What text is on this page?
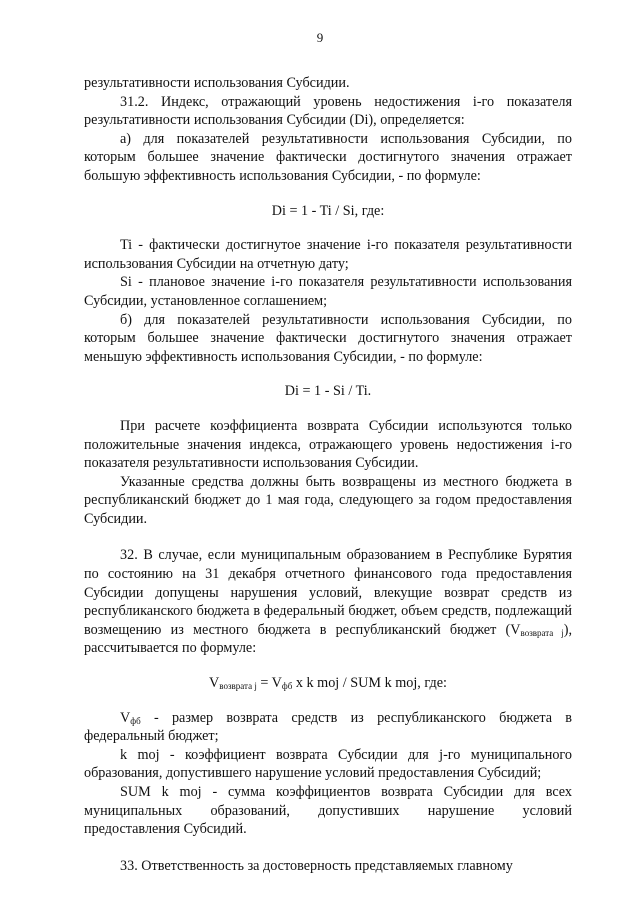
9

результативности использования Субсидии.

31.2. Индекс, отражающий уровень недостижения i-го показателя результативности использования Субсидии (Di), определяется:

а) для показателей результативности использования Субсидии, по которым большее значение фактически достигнутого значения отражает большую эффективность использования Субсидии, - по формуле:

Di = 1 - Ti / Si, где:

Ti - фактически достигнутое значение i-го показателя результативности использования Субсидии на отчетную дату;

Si - плановое значение i-го показателя результативности использования Субсидии, установленное соглашением;

б) для показателей результативности использования Субсидии, по которым большее значение фактически достигнутого значения отражает меньшую эффективность использования Субсидии, - по формуле:

Di = 1 - Si / Ti.

При расчете коэффициента возврата Субсидии используются только положительные значения индекса, отражающего уровень недостижения i-го показателя результативности использования Субсидии.

Указанные средства должны быть возвращены из местного бюджета в республиканский бюджет до 1 мая года, следующего за годом предоставления Субсидии.

32. В случае, если муниципальным образованием в Республике Бурятия по состоянию на 31 декабря отчетного финансового года предоставления Субсидии допущены нарушения условий, влекущие возврат средств из республиканского бюджета в федеральный бюджет, объем средств, подлежащий возмещению из местного бюджета в республиканский бюджет $(V_{возврата j})$, рассчитывается по формуле:

$V_{возврата j} = V_{фб}$ x k moj / SUM k moj, где:

$V_{фб}$ - размер возврата средств из республиканского бюджета в федеральный бюджет;

k moj - коэффициент возврата Субсидии для j-го муниципального образования, допустившего нарушение условий предоставления Субсидий;

SUM k moj - сумма коэффициентов возврата Субсидии для всех муниципальных образований, допустивших нарушение условий предоставления Субсидий.

33. Ответственность за достоверность представляемых главному
